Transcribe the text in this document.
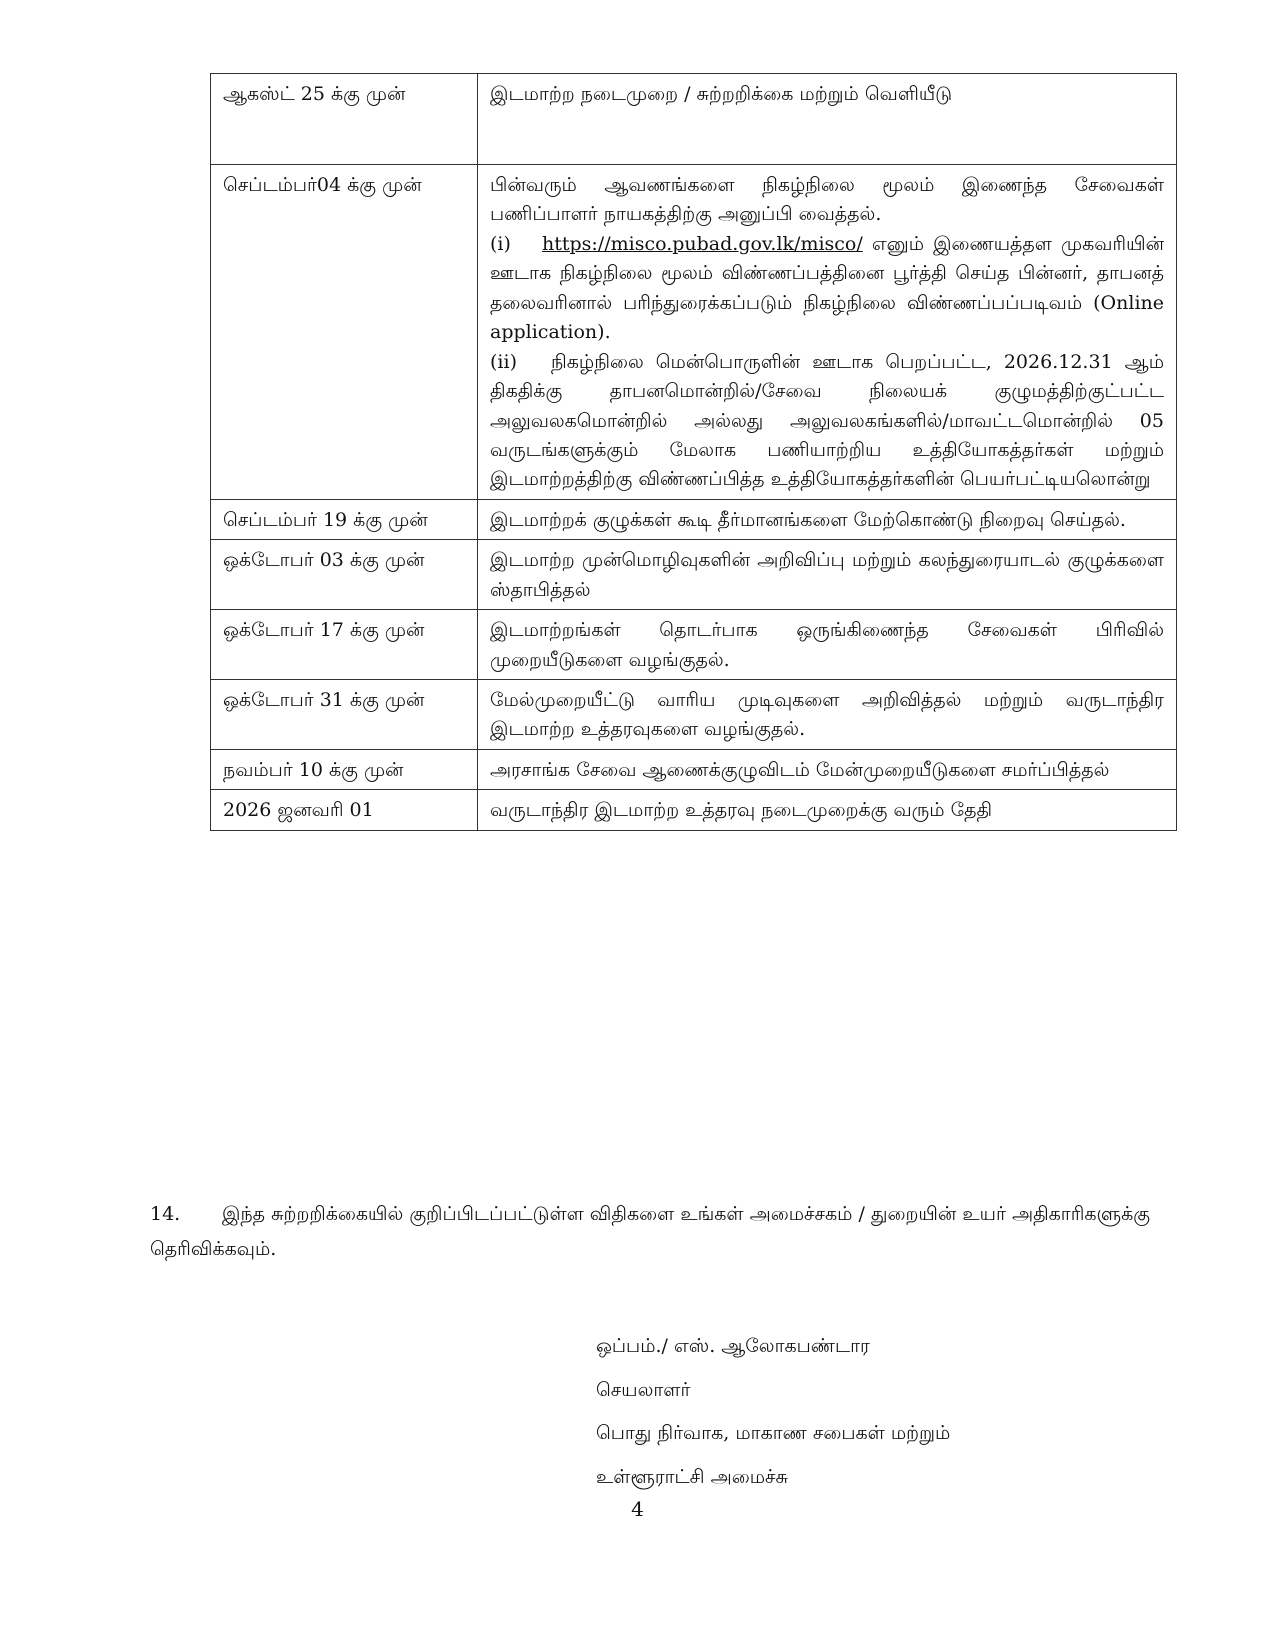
ஆகஸ்ட் 25 க்கு முன்	இடமாற்ற நடைமுறை / சுற்றறிக்கை மற்றும் வெளியீடு
செப்டம்பர்04 க்கு முன்	பின்வரும் ஆவணங்களை நிகழ்நிலை மூலம் இணைந்த சேவைகள் பணிப்பாளர் நாயகத்திற்கு அனுப்பி வைத்தல்.
(i) https://misco.pubad.gov.lk/misco/ எனும் இணையத்தள முகவரியின் ஊடாக நிகழ்நிலை மூலம் விண்ணப்பத்தினை பூர்த்தி செய்த பின்னர், தாபனத் தலைவரினால் பரிந்துரைக்கப்படும் நிகழ்நிலை விண்ணப்பப்படிவம் (Online application).
(ii) நிகழ்நிலை மென்பொருளின் ஊடாக பெறப்பட்ட, 2026.12.31 ஆம் திகதிக்கு தாபனமொன்றில்/சேவை நிலையக் குழுமத்திற்குட்பட்ட அலுவலகமொன்றில் அல்லது அலுவலகங்களில்/மாவட்டமொன்றில் 05 வருடங்களுக்கும் மேலாக பணியாற்றிய உத்தியோகத்தர்கள் மற்றும் இடமாற்றத்திற்கு விண்ணப்பித்த உத்தியோகத்தர்களின் பெயர்பட்டியலொன்று

செப்டம்பர் 19 க்கு முன்	இடமாற்றக் குழுக்கள் கூடி தீர்மானங்களை மேற்கொண்டு நிறைவு செய்தல்.
ஒக்டோபர் 03 க்கு முன்	இடமாற்ற முன்மொழிவுகளின் அறிவிப்பு மற்றும் கலந்துரையாடல் குழுக்களை ஸ்தாபித்தல்
ஒக்டோபர் 17 க்கு முன்	இடமாற்றங்கள் தொடர்பாக ஒருங்கிணைந்த சேவைகள் பிரிவில் முறையீடுகளை வழங்குதல்.
ஒக்டோபர் 31 க்கு முன்	மேல்முறையீட்டு வாரிய முடிவுகளை அறிவித்தல் மற்றும் வருடாந்திர இடமாற்ற உத்தரவுகளை வழங்குதல்.
நவம்பர் 10 க்கு முன்	அரசாங்க சேவை ஆணைக்குழுவிடம் மேன்முறையீடுகளை சமர்ப்பித்தல்
2026 ஜனவரி 01	வருடாந்திர இடமாற்ற உத்தரவு நடைமுறைக்கு வரும் தேதி
14. இந்த சுற்றறிக்கையில் குறிப்பிடப்பட்டுள்ள விதிகளை உங்கள் அமைச்சகம் / துறையின் உயர் அதிகாரிகளுக்கு தெரிவிக்கவும்.
ஒப்பம்./ எஸ். ஆலோகபண்டார
செயலாளர்
பொது நிர்வாக, மாகாண சபைகள் மற்றும்
உள்ளூராட்சி அமைச்சு
4
